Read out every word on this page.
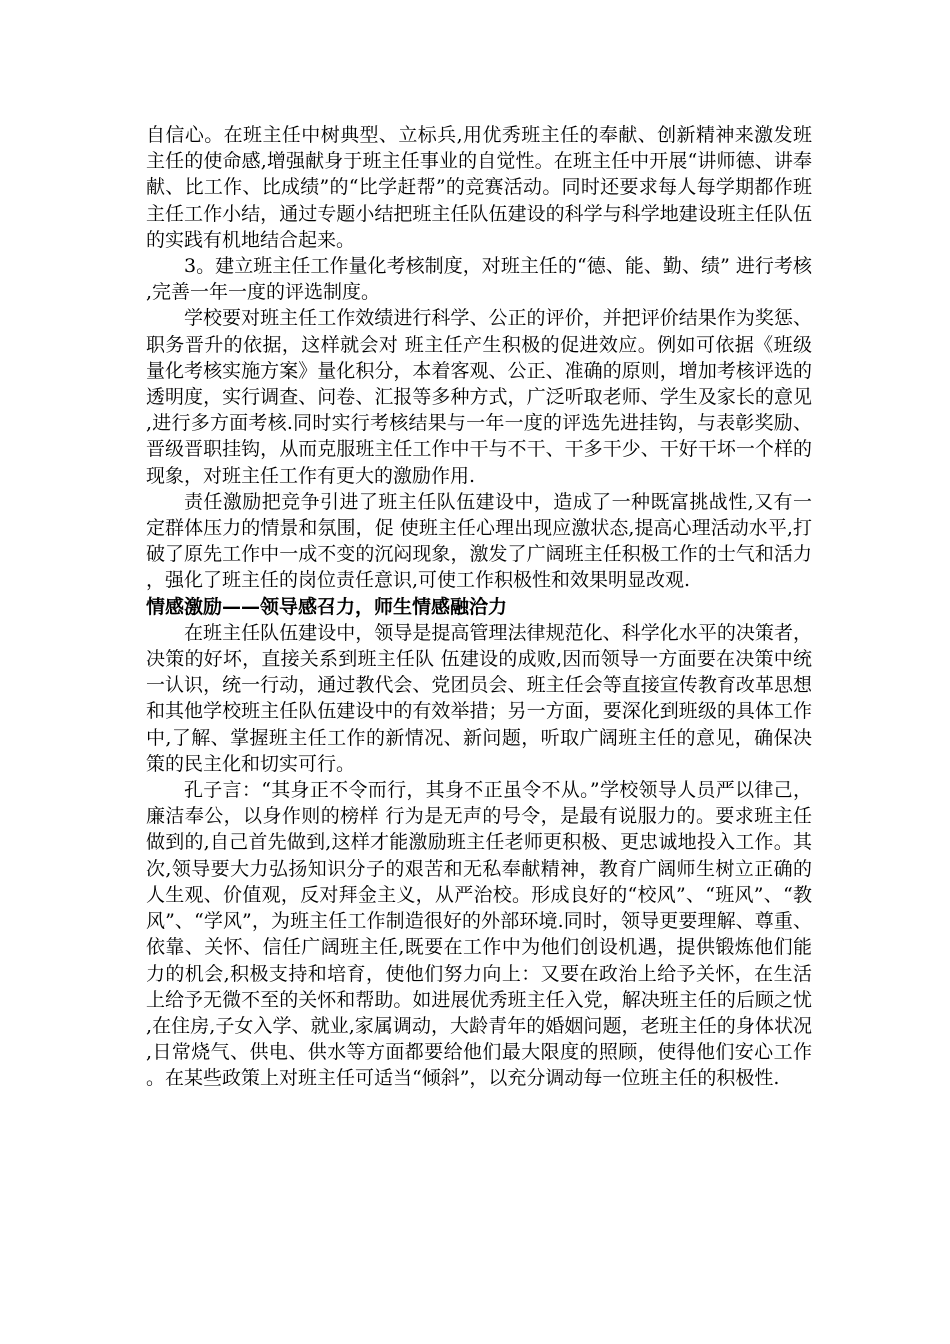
自信心。在班主任中树典型、立标兵,用优秀班主任的奉献、创新精神来激发班主任的使命感,增强献身于班主任事业的自觉性。在班主任中开展“讲师德、讲奉献、比工作、比成绩”的“比学赶帮”的竞赛活动。同时还要求每人每学期都作班主任工作小结，通过专题小结把班主任队伍建设的科学与科学地建设班主任队伍的实践有机地结合起来。

3。建立班主任工作量化考核制度，对班主任的“德、能、勤、绩” 进行考核,完善一年一度的评选制度。

学校要对班主任工作效绩进行科学、公正的评价，并把评价结果作为奖惩、职务晋升的依据，这样就会对 班主任产生积极的促进效应。例如可依据《班级量化考核实施方案》量化积分，本着客观、公正、准确的原则，增加考核评选的透明度，实行调查、问卷、汇报等多种方式，广泛听取老师、学生及家长的意见,进行多方面考核.同时实行考核结果与一年一度的评选先进挂钩，与表彰奖励、晋级晋职挂钩，从而克服班主任工作中干与不干、干多干少、干好干坏一个样的现象，对班主任工作有更大的激励作用.

责任激励把竞争引进了班主任队伍建设中，造成了一种既富挑战性,又有一定群体压力的情景和氛围，促 使班主任心理出现应激状态,提高心理活动水平,打破了原先工作中一成不变的沉闷现象，激发了广阔班主任积极工作的士气和活力，强化了班主任的岗位责任意识,可使工作积极性和效果明显改观.

情感激励——领导感召力，师生情感融洽力

在班主任队伍建设中，领导是提高管理法律规范化、科学化水平的决策者，决策的好坏，直接关系到班主任队 伍建设的成败,因而领导一方面要在决策中统一认识，统一行动，通过教代会、党团员会、班主任会等直接宣传教育改革思想和其他学校班主任队伍建设中的有效举措；另一方面，要深化到班级的具体工作中,了解、掌握班主任工作的新情况、新问题，听取广阔班主任的意见，确保决策的民主化和切实可行。

孔子言：“其身正不令而行，其身不正虽令不从。”学校领导人员严以律己，廉洁奉公，以身作则的榜样 行为是无声的号令，是最有说服力的。要求班主任做到的,自己首先做到,这样才能激励班主任老师更积极、更忠诚地投入工作。其次,领导要大力弘扬知识分子的艰苦和无私奉献精神，教育广阔师生树立正确的人生观、价值观，反对拜金主义，从严治校。形成良好的“校风”、“班风”、“教风”、“学风”，为班主任工作制造很好的外部环境.同时，领导更要理解、尊重、依靠、关怀、信任广阔班主任,既要在工作中为他们创设机遇，提供锻炼他们能力的机会,积极支持和培育，使他们努力向上：又要在政治上给予关怀，在生活上给予无微不至的关怀和帮助。如进展优秀班主任入党，解决班主任的后顾之忧,在住房,子女入学、就业,家属调动，大龄青年的婚姻问题，老班主任的身体状况,日常烧气、供电、供水等方面都要给他们最大限度的照顾，使得他们安心工作。在某些政策上对班主任可适当“倾斜”，以充分调动每一位班主任的积极性.
